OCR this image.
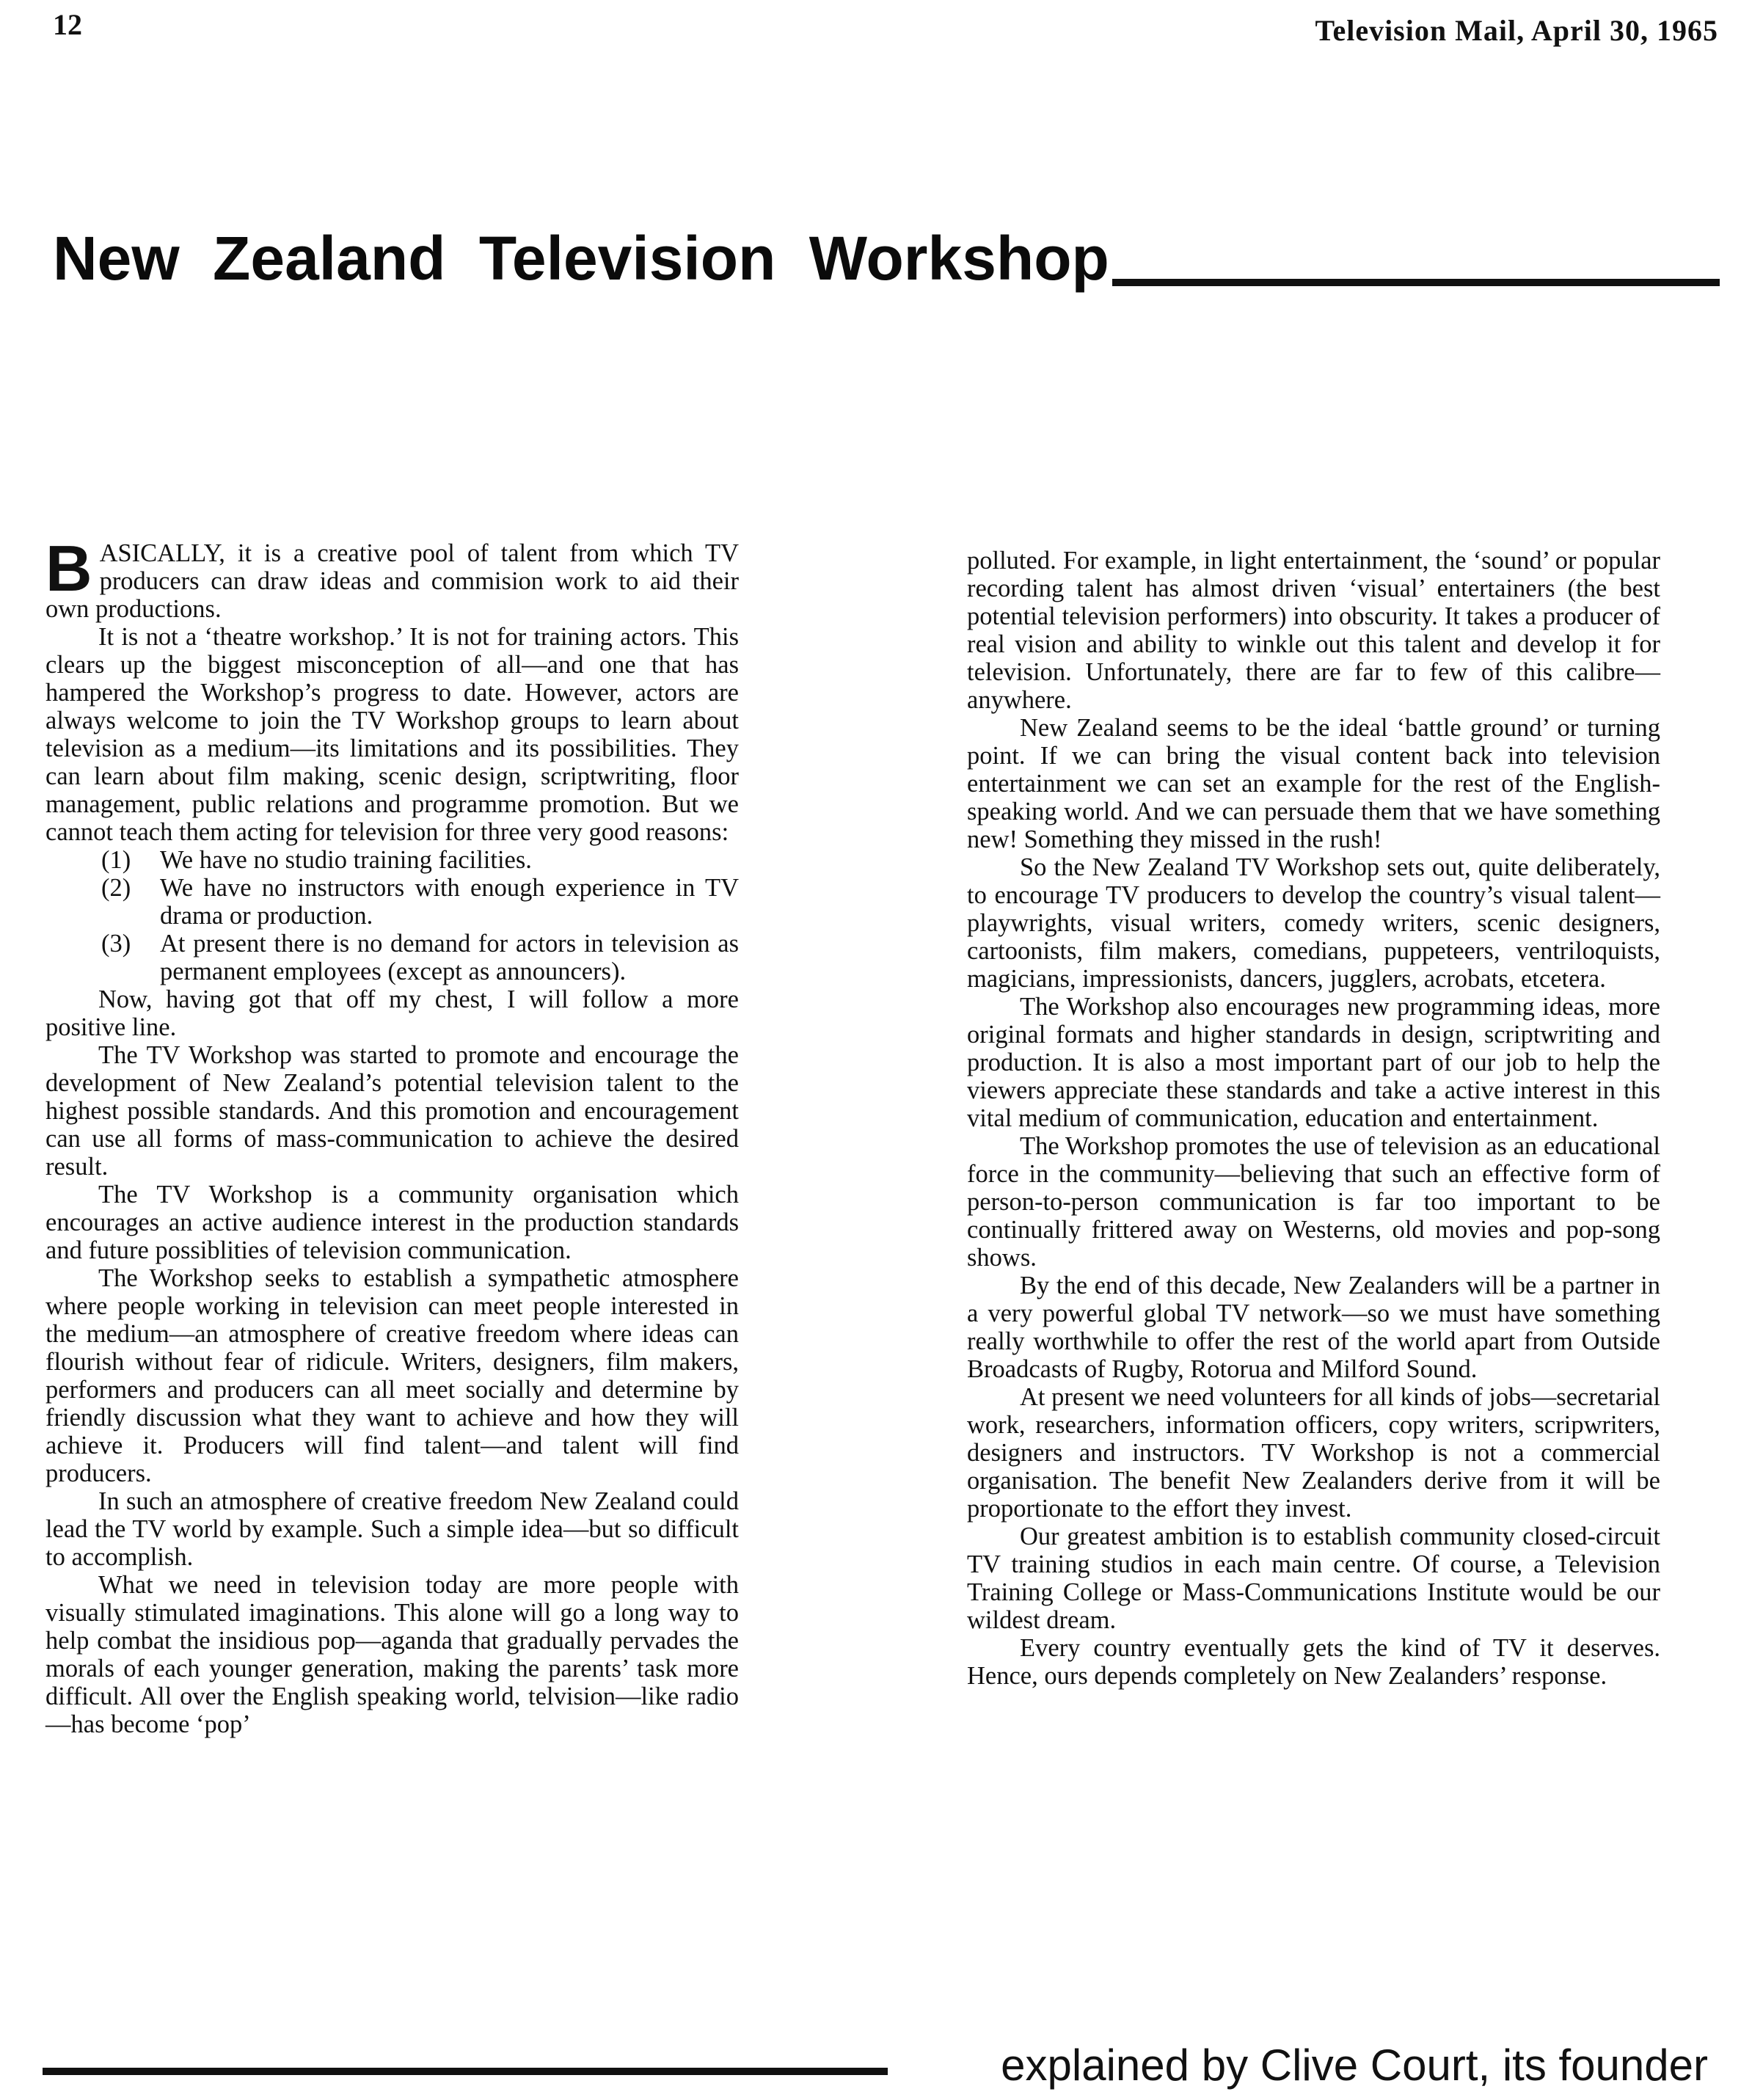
12	Television Mail, April 30, 1965
New Zealand Television Workshop

BASICALLY, it is a creative pool of talent from which TV producers can draw ideas and commision work to aid their own productions.

It is not a ‘theatre workshop.’ It is not for training actors. This clears up the biggest misconception of all—and one that has hampered the Workshop’s progress to date. However, actors are always welcome to join the TV Workshop groups to learn about television as a medium—its limitations and its possibilities. They can learn about film making, scenic design, scriptwriting, floor management, public relations and programme promotion. But we cannot teach them acting for television for three very good reasons:

(1)	We have no studio training facilities.
(2)	We have no instructors with enough experience in TV drama or production.
(3)	At present there is no demand for actors in television as permanent employees (except as announcers).

Now, having got that off my chest, I will follow a more positive line.

The TV Workshop was started to promote and encourage the development of New Zealand’s potential television talent to the highest possible standards. And this promotion and encouragement can use all forms of mass-communication to achieve the desired result.

The TV Workshop is a community organisation which encourages an active audience interest in the production standards and future possiblities of television communication.

The Workshop seeks to establish a sympathetic atmosphere where people working in television can meet people interested in the medium—an atmosphere of creative freedom where ideas can flourish without fear of ridicule. Writers, designers, film makers, performers and producers can all meet socially and determine by friendly discussion what they want to achieve and how they will achieve it. Producers will find talent—and talent will find producers.

In such an atmosphere of creative freedom New Zealand could lead the TV world by example. Such a simple idea—but so difficult to accomplish.

What we need in television today are more people with visually stimulated imaginations. This alone will go a long way to help combat the insidious pop—aganda that gradually pervades the morals of each younger generation, making the parents’ task more difficult. All over the English speaking world, telvision—like radio—has become ‘pop’

polluted. For example, in light entertainment, the ‘sound’ or popular recording talent has almost driven ‘visual’ entertainers (the best potential television performers) into obscurity. It takes a producer of real vision and ability to winkle out this talent and develop it for television. Unfortunately, there are far to few of this calibre—anywhere.

New Zealand seems to be the ideal ‘battle ground’ or turning point. If we can bring the visual content back into television entertainment we can set an example for the rest of the English-speaking world. And we can persuade them that we have something new! Something they missed in the rush!

So the New Zealand TV Workshop sets out, quite deliberately, to encourage TV producers to develop the country’s visual talent—playwrights, visual writers, comedy writers, scenic designers, cartoonists, film makers, comedians, puppeteers, ventriloquists, magicians, impressionists, dancers, jugglers, acrobats, etcetera.

The Workshop also encourages new programming ideas, more original formats and higher standards in design, scriptwriting and production. It is also a most important part of our job to help the viewers appreciate these standards and take a active interest in this vital medium of communication, education and entertainment.

The Workshop promotes the use of television as an educational force in the community—believing that such an effective form of person-to-person communication is far too important to be continually frittered away on Westerns, old movies and pop-song shows.

By the end of this decade, New Zealanders will be a partner in a very powerful global TV network—so we must have something really worthwhile to offer the rest of the world apart from Outside Broadcasts of Rugby, Rotorua and Milford Sound.

At present we need volunteers for all kinds of jobs—secretarial work, researchers, information officers, copy writers, scripwriters, designers and instructors. TV Workshop is not a commercial organisation. The benefit New Zealanders derive from it will be proportionate to the effort they invest.

Our greatest ambition is to establish community closed-circuit TV training studios in each main centre. Of course, a Television Training College or Mass-Communications Institute would be our wildest dream.

Every country eventually gets the kind of TV it deserves. Hence, ours depends completely on New Zealanders’ response.

explained by Clive Court, its founder
